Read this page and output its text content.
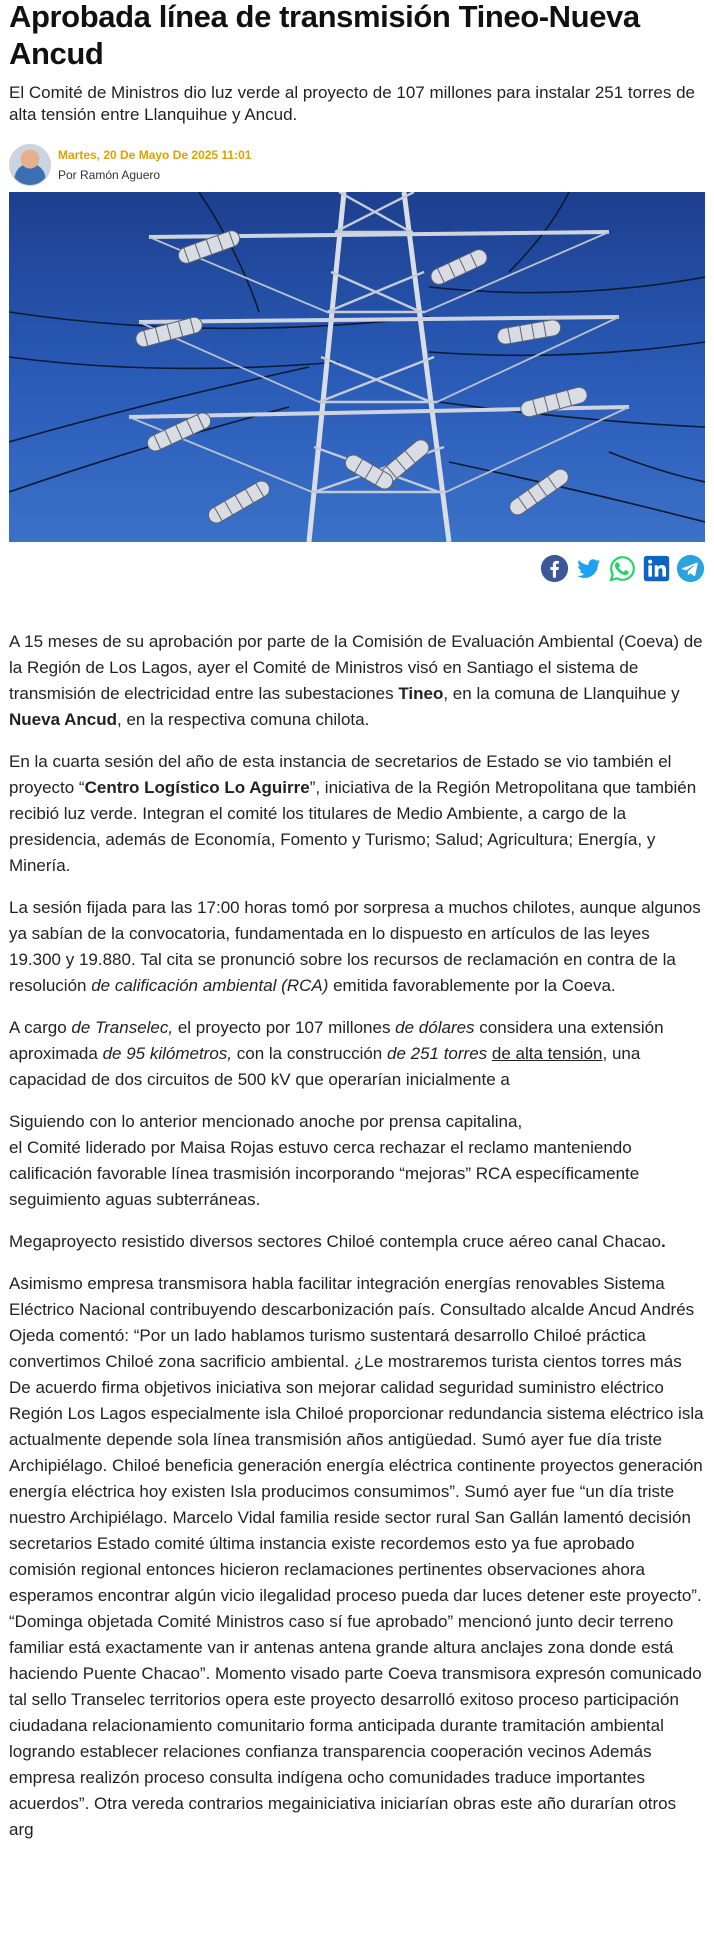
Aprobada línea de transmisión Tineo-Nueva Ancud

El Comité de Ministros dio luz verde al proyecto de 107 millones para instalar 251 torres de alta tensión entre Llanquihue y Ancud.

Martes, 20 De Mayo De 2025 11:01
Por Ramón Aguero

A 15 meses de su aprobación por parte de la Comisión de Evaluación Ambiental (Coeva) de la Región de Los Lagos, ayer el Comité de Ministros visó en Santiago el sistema de transmisión de electricidad entre las subestaciones Tineo, en la comuna de Llanquihue y Nueva Ancud, en la respectiva comuna chilota.

En la cuarta sesión del año de esta instancia de secretarios de Estado se vio también el proyecto “Centro Logístico Lo Aguirre”, iniciativa de la Región Metropolitana que también recibió luz verde. Integran el comité los titulares de Medio Ambiente, a cargo de la presidencia, además de Economía, Fomento y Turismo; Salud; Agricultura; Energía, y Minería.

La sesión fijada para las 17:00 horas tomó por sorpresa a muchos chilotes, aunque algunos ya sabían de la convocatoria, fundamentada en lo dispuesto en artículos de las leyes 19.300 y 19.880. Tal cita se pronunció sobre los recursos de reclamación en contra de la resolución de calificación ambiental (RCA) emitida favorablemente por la Coeva.

A cargo de Transelec, el proyecto por 107 millones de dólares considera una extensión aproximada de 95 kilómetros, con la construcción de 251 torres de alta tensión, una capacidad de dos circuitos de 500 kV que operarían inicialmente a

Siguiendo con lo anterior mencionado anoche por prensa capitalina,
el Comité liderado por Maisa Rojas estuvo cerca rechazar el reclamo manteniendo calificación favorable línea trasmisión incorporando “mejoras” RCA específicamente seguimiento aguas subterráneas.

Megaproyecto resistido diversos sectores Chiloé contempla cruce aéreo canal Chacao.

Asimismo empresa transmisora habla facilitar integración energías renovables Sistema Eléctrico Nacional contribuyendo descarbonización país. Consultado alcalde Ancud Andrés Ojeda comentó: “Por un lado hablamos turismo sustentará desarrollo Chiloé práctica convertimos Chiloé zona sacrificio ambiental. ¿Le mostraremos turista cientos torres más De acuerdo firma objetivos iniciativa son mejorar calidad seguridad suministro eléctrico Región Los Lagos especialmente isla Chiloé proporcionar redundancia sistema eléctrico isla actualmente depende sola línea transmisión años antigüedad. Sumó ayer fue día triste Archipiélago. Chiloé beneficia generación energía eléctrica continente proyectos generación energía eléctrica hoy existen Isla producimos consumimos”. Sumó ayer fue “un día triste nuestro Archipiélago. Marcelo Vidal familia reside sector rural San Gallán lamentó decisión secretarios Estado comité última instancia existe recordemos esto ya fue aprobado comisión regional entonces hicieron reclamaciones pertinentes observaciones ahora esperamos encontrar algún vicio ilegalidad proceso pueda dar luces detener este proyecto”. “Dominga objetada Comité Ministros caso sí fue aprobado” mencionó junto decir terreno familiar está exactamente van ir antenas antena grande altura anclajes zona donde está haciendo Puente Chacao”. Momento visado parte Coeva transmisora expresón comunicado tal sello Transelec territorios opera este proyecto desarrolló exitoso proceso participación ciudadana relacionamiento comunitario forma anticipada durante tramitación ambiental logrando establecer relaciones confianza transparencia cooperación vecinos Además empresa realizón proceso consulta indígena ocho comunidades traduce importantes acuerdos”. Otra vereda contrarios megainiciativa iniciarían obras este año durarían otros arg
